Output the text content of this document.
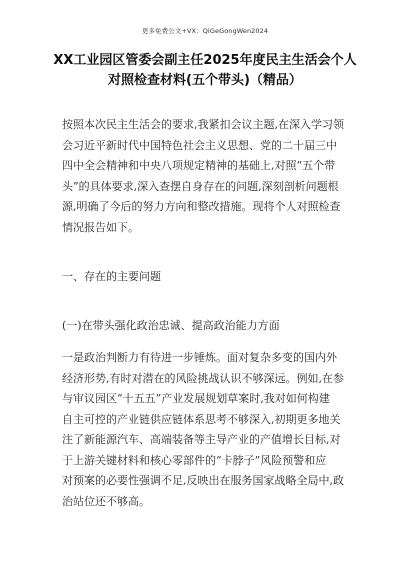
更多免费公文+VX：QiGeGongWen2024
XX工业园区管委会副主任2025年度民主生活会个人
对照检查材料(五个带头)（精品）
按照本次民主生活会的要求,我紧扣会议主题,在深入学习领
会习近平新时代中国特色社会主义思想、党的二十届三中
四中全会精神和中央八项规定精神的基础上,对照“五个带
头”的具体要求,深入查摆自身存在的问题,深刻剖析问题根
源,明确了今后的努力方向和整改措施。现将个人对照检查
情况报告如下。
一、存在的主要问题
(一)在带头强化政治忠诚、提高政治能力方面
一是政治判断力有待进一步锤炼。面对复杂多变的国内外
经济形势,有时对潜在的风险挑战认识不够深远。例如,在参
与审议园区“十五五”产业发展规划草案时,我对如何构建
自主可控的产业链供应链体系思考不够深入,初期更多地关
注了新能源汽车、高端装备等主导产业的产值增长目标,对
于上游关键材料和核心零部件的“卡脖子”风险预警和应
对预案的必要性强调不足,反映出在服务国家战略全局中,政
治站位还不够高。
